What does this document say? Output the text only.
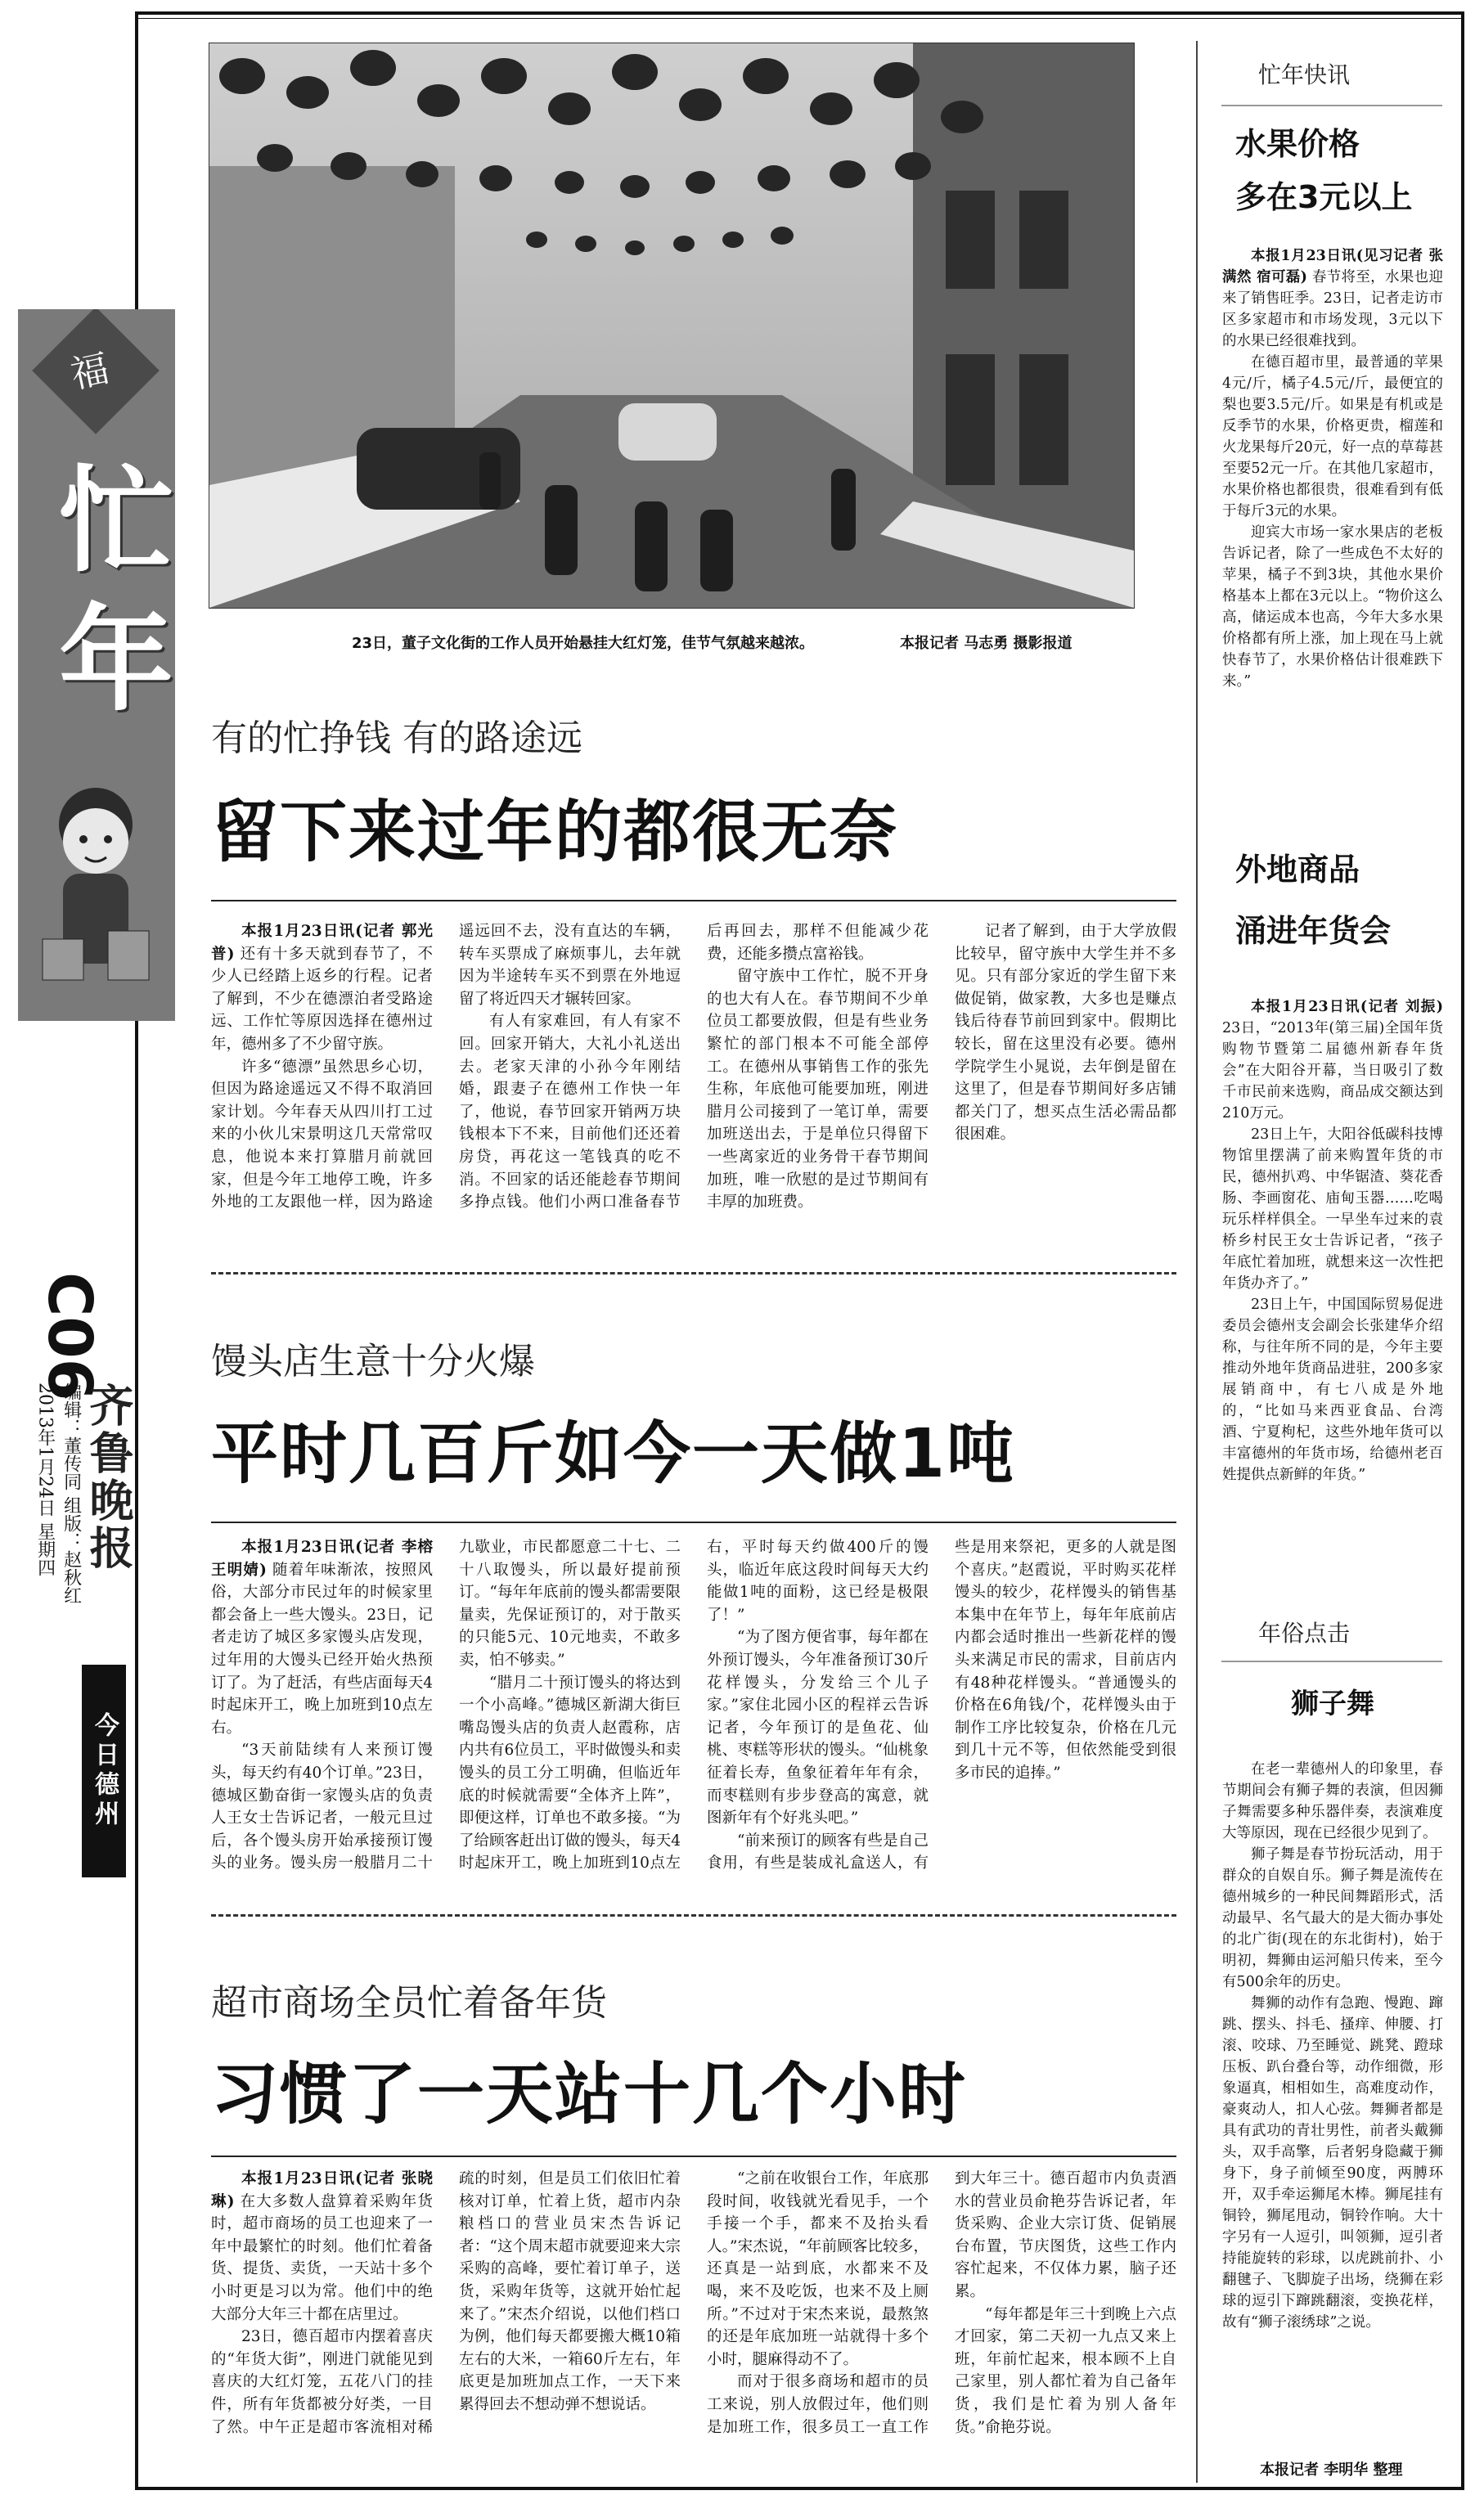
福
忙
年
C06
2013年1月24日 星期四 编辑：董传同 组版：赵秋红 齐鲁晚报
今日德州
23日，董子文化街的工作人员开始悬挂大红灯笼，佳节气氛越来越浓。	本报记者 马志勇 摄影报道
有的忙挣钱 有的路途远
留下来过年的都很无奈

本报1月23日讯(记者 郭光普) 还有十多天就到春节了，不少人已经踏上返乡的行程。记者了解到，不少在德漂泊者受路途远、工作忙等原因选择在德州过年，德州多了不少留守族。

许多“德漂”虽然思乡心切，但因为路途遥远又不得不取消回家计划。今年春天从四川打工过来的小伙儿宋景明这几天常常叹息，他说本来打算腊月前就回家，但是今年工地停工晚，许多外地的工友跟他一样，因为路途遥远回不去，没有直达的车辆，转车买票成了麻烦事儿，去年就因为半途转车买不到票在外地逗留了将近四天才辗转回家。

有人有家难回，有人有家不回。回家开销大，大礼小礼送出去。老家天津的小孙今年刚结婚，跟妻子在德州工作快一年了，他说，春节回家开销两万块钱根本下不来，目前他们还还着房贷，再花这一笔钱真的吃不消。不回家的话还能趁春节期间多挣点钱。他们小两口准备春节后再回去，那样不但能减少花费，还能多攒点富裕钱。

留守族中工作忙，脱不开身的也大有人在。春节期间不少单位员工都要放假，但是有些业务繁忙的部门根本不可能全部停工。在德州从事销售工作的张先生称，年底他可能要加班，刚进腊月公司接到了一笔订单，需要加班送出去，于是单位只得留下一些离家近的业务骨干春节期间加班，唯一欣慰的是过节期间有丰厚的加班费。

记者了解到，由于大学放假比较早，留守族中大学生并不多见。只有部分家近的学生留下来做促销，做家教，大多也是赚点钱后待春节前回到家中。假期比较长，留在这里没有必要。德州学院学生小晁说，去年倒是留在这里了，但是春节期间好多店铺都关门了，想买点生活必需品都很困难。

馒头店生意十分火爆
平时几百斤如今一天做1吨

本报1月23日讯(记者 李榕 王明婧) 随着年味渐浓，按照风俗，大部分市民过年的时候家里都会备上一些大馒头。23日，记者走访了城区多家馒头店发现，过年用的大馒头已经开始火热预订了。为了赶活，有些店面每天4时起床开工，晚上加班到10点左右。

“3天前陆续有人来预订馒头，每天约有40个订单。”23日，德城区勤奋街一家馒头店的负责人王女士告诉记者，一般元旦过后，各个馒头房开始承接预订馒头的业务。馒头房一般腊月二十九歇业，市民都愿意二十七、二十八取馒头，所以最好提前预订。“每年年底前的馒头都需要限量卖，先保证预订的，对于散买的只能5元、10元地卖，不敢多卖，怕不够卖。”

“腊月二十预订馒头的将达到一个小高峰。”德城区新湖大街巨嘴岛馒头店的负责人赵霞称，店内共有6位员工，平时做馒头和卖馒头的员工分工明确，但临近年底的时候就需要“全体齐上阵”，即便这样，订单也不敢多接。“为了给顾客赶出订做的馒头，每天4时起床开工，晚上加班到10点左右，平时每天约做400斤的馒头，临近年底这段时间每天大约能做1吨的面粉，这已经是极限了！”

“为了图方便省事，每年都在外预订馒头，今年准备预订30斤花样馒头，分发给三个儿子家。”家住北园小区的程祥云告诉记者，今年预订的是鱼花、仙桃、枣糕等形状的馒头。“仙桃象征着长寿，鱼象征着年年有余，而枣糕则有步步登高的寓意，就图新年有个好兆头吧。”

“前来预订的顾客有些是自己食用，有些是装成礼盒送人，有些是用来祭祀，更多的人就是图个喜庆。”赵霞说，平时购买花样馒头的较少，花样馒头的销售基本集中在年节上，每年年底前店内都会适时推出一些新花样的馒头来满足市民的需求，目前店内有48种花样馒头。“普通馒头的价格在6角钱/个，花样馒头由于制作工序比较复杂，价格在几元到几十元不等，但依然能受到很多市民的追捧。”

超市商场全员忙着备年货
习惯了一天站十几个小时

本报1月23日讯(记者 张晓琳) 在大多数人盘算着采购年货时，超市商场的员工也迎来了一年中最繁忙的时刻。他们忙着备货、提货、卖货，一天站十多个小时更是习以为常。他们中的绝大部分大年三十都在店里过。

23日，德百超市内摆着喜庆的“年货大街”，刚进门就能见到喜庆的大红灯笼，五花八门的挂件，所有年货都被分好类，一目了然。中午正是超市客流相对稀疏的时刻，但是员工们依旧忙着核对订单，忙着上货，超市内杂粮档口的营业员宋杰告诉记者：“这个周末超市就要迎来大宗采购的高峰，要忙着订单子，送货，采购年货等，这就开始忙起来了。”宋杰介绍说，以他们档口为例，他们每天都要搬大概10箱左右的大米，一箱60斤左右，年底更是加班加点工作，一天下来累得回去不想动弹不想说话。

“之前在收银台工作，年底那段时间，收钱就光看见手，一个手接一个手，都来不及抬头看人。”宋杰说，“年前顾客比较多，还真是一站到底，水都来不及喝，来不及吃饭，也来不及上厕所。”不过对于宋杰来说，最熬煞的还是年底加班一站就得十多个小时，腿麻得动不了。

而对于很多商场和超市的员工来说，别人放假过年，他们则是加班工作，很多员工一直工作到大年三十。德百超市内负责酒水的营业员俞艳芬告诉记者，年货采购、企业大宗订货、促销展台布置，节庆图货，这些工作内容忙起来，不仅体力累，脑子还累。

“每年都是年三十到晚上六点才回家，第二天初一九点又来上班，年前忙起来，根本顾不上自己家里，别人都忙着为自己备年货，我们是忙着为别人备年货。”俞艳芬说。

忙年快讯
水果价格
多在3元以上

本报1月23日讯(见习记者 张满然 宿可磊) 春节将至，水果也迎来了销售旺季。23日，记者走访市区多家超市和市场发现，3元以下的水果已经很难找到。

在德百超市里，最普通的苹果4元/斤，橘子4.5元/斤，最便宜的梨也要3.5元/斤。如果是有机或是反季节的水果，价格更贵，榴莲和火龙果每斤20元，好一点的草莓甚至要52元一斤。在其他几家超市，水果价格也都很贵，很难看到有低于每斤3元的水果。

迎宾大市场一家水果店的老板告诉记者，除了一些成色不太好的苹果，橘子不到3块，其他水果价格基本上都在3元以上。“物价这么高，储运成本也高，今年大多水果价格都有所上涨，加上现在马上就快春节了，水果价格估计很难跌下来。”

外地商品
涌进年货会

本报1月23日讯(记者 刘振) 23日，“2013年(第三届)全国年货购物节暨第二届德州新春年货会”在大阳谷开幕，当日吸引了数千市民前来选购，商品成交额达到210万元。

23日上午，大阳谷低碳科技博物馆里摆满了前来购置年货的市民，德州扒鸡、中华锯渣、葵花香肠、李画窗花、庙甸玉器……吃喝玩乐样样俱全。一早坐车过来的袁桥乡村民王女士告诉记者，“孩子年底忙着加班，就想来这一次性把年货办齐了。”

23日上午，中国国际贸易促进委员会德州支会副会长张建华介绍称，与往年所不同的是，今年主要推动外地年货商品进驻，200多家展销商中，有七八成是外地的，“比如马来西亚食品、台湾酒、宁夏枸杞，这些外地年货可以丰富德州的年货市场，给德州老百姓提供点新鲜的年货。”

年俗点击
狮子舞

在老一辈德州人的印象里，春节期间会有狮子舞的表演，但因狮子舞需要多种乐器伴奏，表演难度大等原因，现在已经很少见到了。

狮子舞是春节扮玩活动，用于群众的自娱自乐。狮子舞是流传在德州城乡的一种民间舞蹈形式，活动最早、名气最大的是大衙办事处的北广街(现在的东北街村)，始于明初，舞狮由运河船只传来，至今有500余年的历史。

舞狮的动作有急跑、慢跑、蹿跳、摆头、抖毛、搔痒、伸腰、打滚、咬球、乃至睡觉、跳凳、蹬球压板、趴台叠台等，动作细微，形象逼真，相相如生，高难度动作，豪爽动人，扣人心弦。舞狮者都是具有武功的青壮男性，前者头戴狮头，双手高擎，后者躬身隐藏于狮身下，身子前倾至90度，两膊环开，双手牵运狮尾木棒。狮尾挂有铜铃，狮尾甩动，铜铃作响。大十字另有一人逗引，叫领狮，逗引者持能旋转的彩球，以虎跳前扑、小翻毽子、飞脚旋子出场，绕狮在彩球的逗引下蹿跳翻滚，变换花样，故有“狮子滚绣球”之说。

本报记者 李明华 整理
